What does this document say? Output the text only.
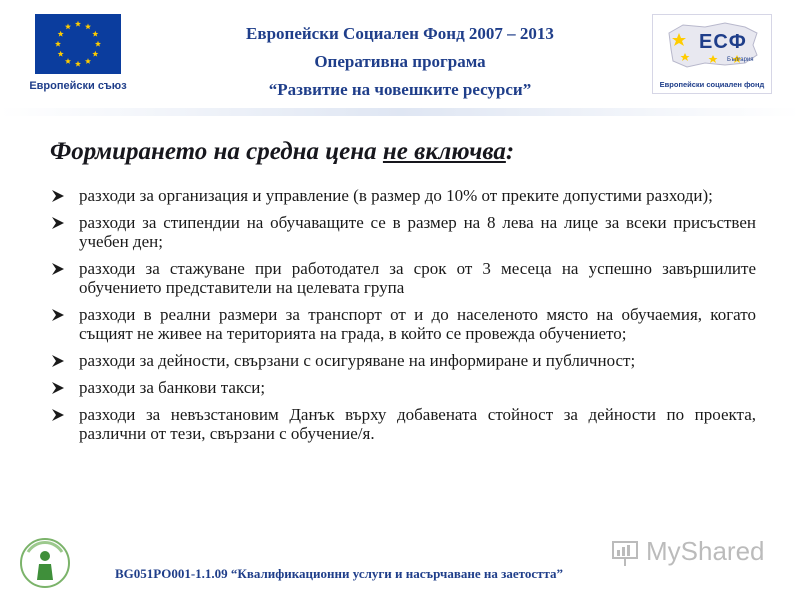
Европейски съюз
Европейски Социален Фонд 2007 – 2013
Оперативна програма
“Развитие на човешките ресурси”
ЕСФ
България
Европейски социален фонд
Формирането на средна цена не включва:
разходи за организация и управление (в размер до 10% от преките допустими разходи);
разходи за стипендии на обучаващите се в размер на 8 лева на лице за всеки присъствен учебен ден;
разходи за стажуване при работодател за срок от 3 месеца на успешно завършилите обучението представители на целевата група
разходи в реални размери за транспорт от и до населеното място на обучаемия, когато същият не живее на територията на града, в който се провежда обучението;
разходи за дейности, свързани с осигуряване на информиране и публичност;
разходи за банкови такси;
разходи за невъзстановим Данък върху добавената стойност за дейности по проекта, различни от тези, свързани с обучение/я.
BG051PO001-1.1.09 “Квалификационни услуги и насърчаване на заетостта”
MyShared
